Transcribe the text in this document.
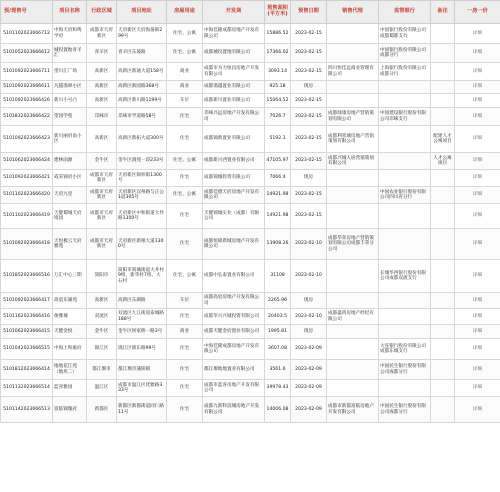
预/现售号	项目名称	行政区域	项目地址	房屋用途	开发商	预售面积(平方米)	预售日期	销售代理	监管银行	备注	一房一价
5101102023666712	中海天府和鸣学府	成都市天府新区	天府新区天府海晏街299号	住宅、公寓	中海佳隆成都房地产开发有限公司	15886.52	2023-02-15		中国银行股份有限公司成都蜀都支行		详细
5101052023666612	城投置地青羊汇	青羊区	青羊区东坡路	住宅、公寓	成都城投置地有限公司	17366.02	2023-02-15		中国银行股份有限公司成都分行		详细
5101092023666711	望川汇广场	高新区	高新区新通大道158号	商业	成都市为力恒昌房地产开发有限公司	3093.14	2023-02-15	四川恒佳远商业管理有限公司	上海银行股份有限公司成都分行		详细
5101092023666611	凡越翡翠小区	高新区	高新区新园路368号	商业	成都翡越置业有限公司	925.18	现房				详细
5101092023666426	新川小号凸	高新区	高新区新川路1199号	车位	成都新川置业有限公司	15064.52	2023-02-15				详细
5101832023666422	望园学苑	邛崃市	邛崃市学道路58号	住宅	邛崃兴远房地产开发有限公司	7026.7	2023-02-15	成都绿康房地产营销策划有限公司	中国建设银行股份有限公司邛崃支行		详细
5101092023666423	新川丽府南小区	高新区	高新区新拓大道300号	住宅	成都锦新置业有限公司	5192.3	2023-02-15	成都利荣城房地产营销策划有限公司		配建人才公寓项目	详细
5101062023666424	建林雨源	金牛区	金牛区润苑一段233号	住宅、公寓	成都新兴西置业有限公司	47105.97	2023-02-15	成都兴城人居营销策划有限公司		人才公寓项目	详细
5101092023666421	霞采锦府小区	成都市天府新区	天府新区锦梓街1300号	住宅	成都锦城投资有限公司	7066.4	现房				详细
5101102023666420	天府九里	成都市天府新区	天府新区汉州路与正公1道305号	住宅、公寓	成都佳德天府房地产开发有限公司	14921.98	2023-02-15		中国农业银行股份有限公司四川省分行		详细
5101102023666419	天健蜀城天府境园	成都市天府新区	天府新区中和街道大件路1300号	住宅	天健锦城实业（成都）有限公司	14921.98	2023-02-15				详细
5101092023666418	天恒极云天府雅苑	成都市天府新区	天府新区新根大道1300号	住宅	成都恒锦新城房地产开发有限公司	13908.26	2023-02-10	成都华荣房地产营销策划有限公司成都丰荣分公司			详细
5101852023666516	万汇中心三期	简阳市	简阳市简城街道大井村9组、新华村7组、大石村	住宅、公寓	成都中弘泰置业有限公司	31108	2023-02-10		长城华西银行股份有限公司成都双流支行		详细
5101092023666417	高宸东湖苑	高新区	高新区东湖路	车位	成都高宸房地产开发有限公司	2265.96	现房				详细
5101162023666416	俊雅城	双流区	双流区九江街道泰城路188号	住宅	成都华兴兴城投资有限公司	20403.5	2023-02-10	成都盛鸿房地产经纪有限公司			详细
5101062023666415	天健金悦	金牛区	金牛区侯家桥一路3号	商业	成都天健金府置业有限公司	1995.81	现房				详细
5101042023666515	中海上和雍府	锦江区	锦江区锦东路99号	住宅	中海佳隆成都房地产开发有限公司	3607.08	2023-02-09		大连银行股份有限公司成都东城支行		详细
5101812023666414	地地花江苑（地块二）	都江堰市	都江堰市蒲阳镇	住宅	都江堰地地置业有限公司	3561.6	2023-02-09		中国民生银行股份有限公司成都分行		详细
5101132023666514	蓝喜雅园	温江区	成都市温江区优雅路333号	住宅	成都市蓝喜房地产开发有限公司	39978.43	2023-02-09				详细
5101142023666513	富临锦瑰府	新都区	新都区新都街道同仁路11号	住宅	成都九新科技城房地产开发有限公司	14006.08	2023-02-09	成都市新都富临房地产开发有限公司	中国民生银行股份有限公司成都分行		详细
